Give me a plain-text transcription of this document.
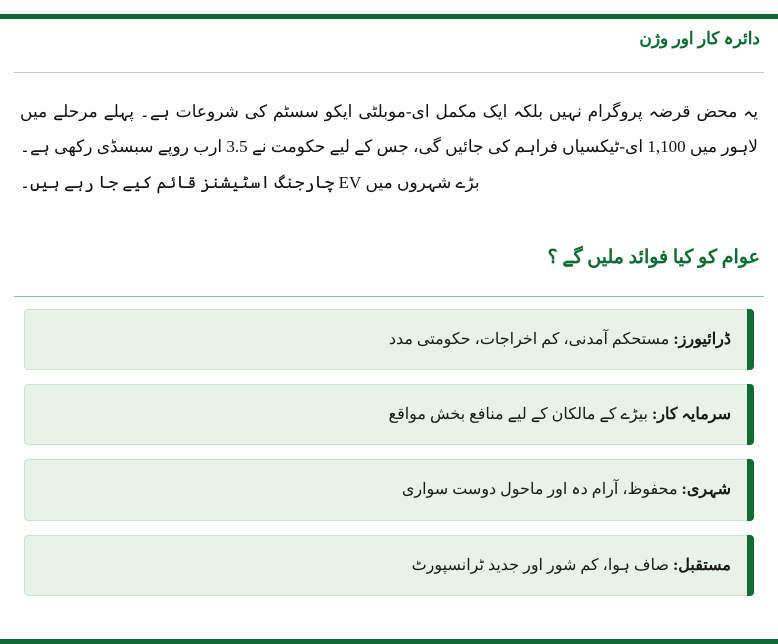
دائرہ کار اور وژن

یہ محض قرضہ پروگرام نہیں بلکہ ایک مکمل ای-موبلٹی ایکو سسٹم کی شروعات ہے۔ پہلے مرحلے میں لاہور میں 1,100 ای-ٹیکسیاں فراہم کی جائیں گی، جس کے لیے حکومت نے 3.5 ارب روپے سبسڈی رکھی ہے۔ بڑے شہروں میں EV چارجنگ اسٹیشنز قائم کیے جا رہے ہیں۔

عوام کو کیا فوائد ملیں گے ؟
ڈرائیورز: مستحکم آمدنی، کم اخراجات، حکومتی مدد
سرمایہ کار: بیڑے کے مالکان کے لیے منافع بخش مواقع
شہری: محفوظ، آرام دہ اور ماحول دوست سواری
مستقبل: صاف ہوا، کم شور اور جدید ٹرانسپورٹ
